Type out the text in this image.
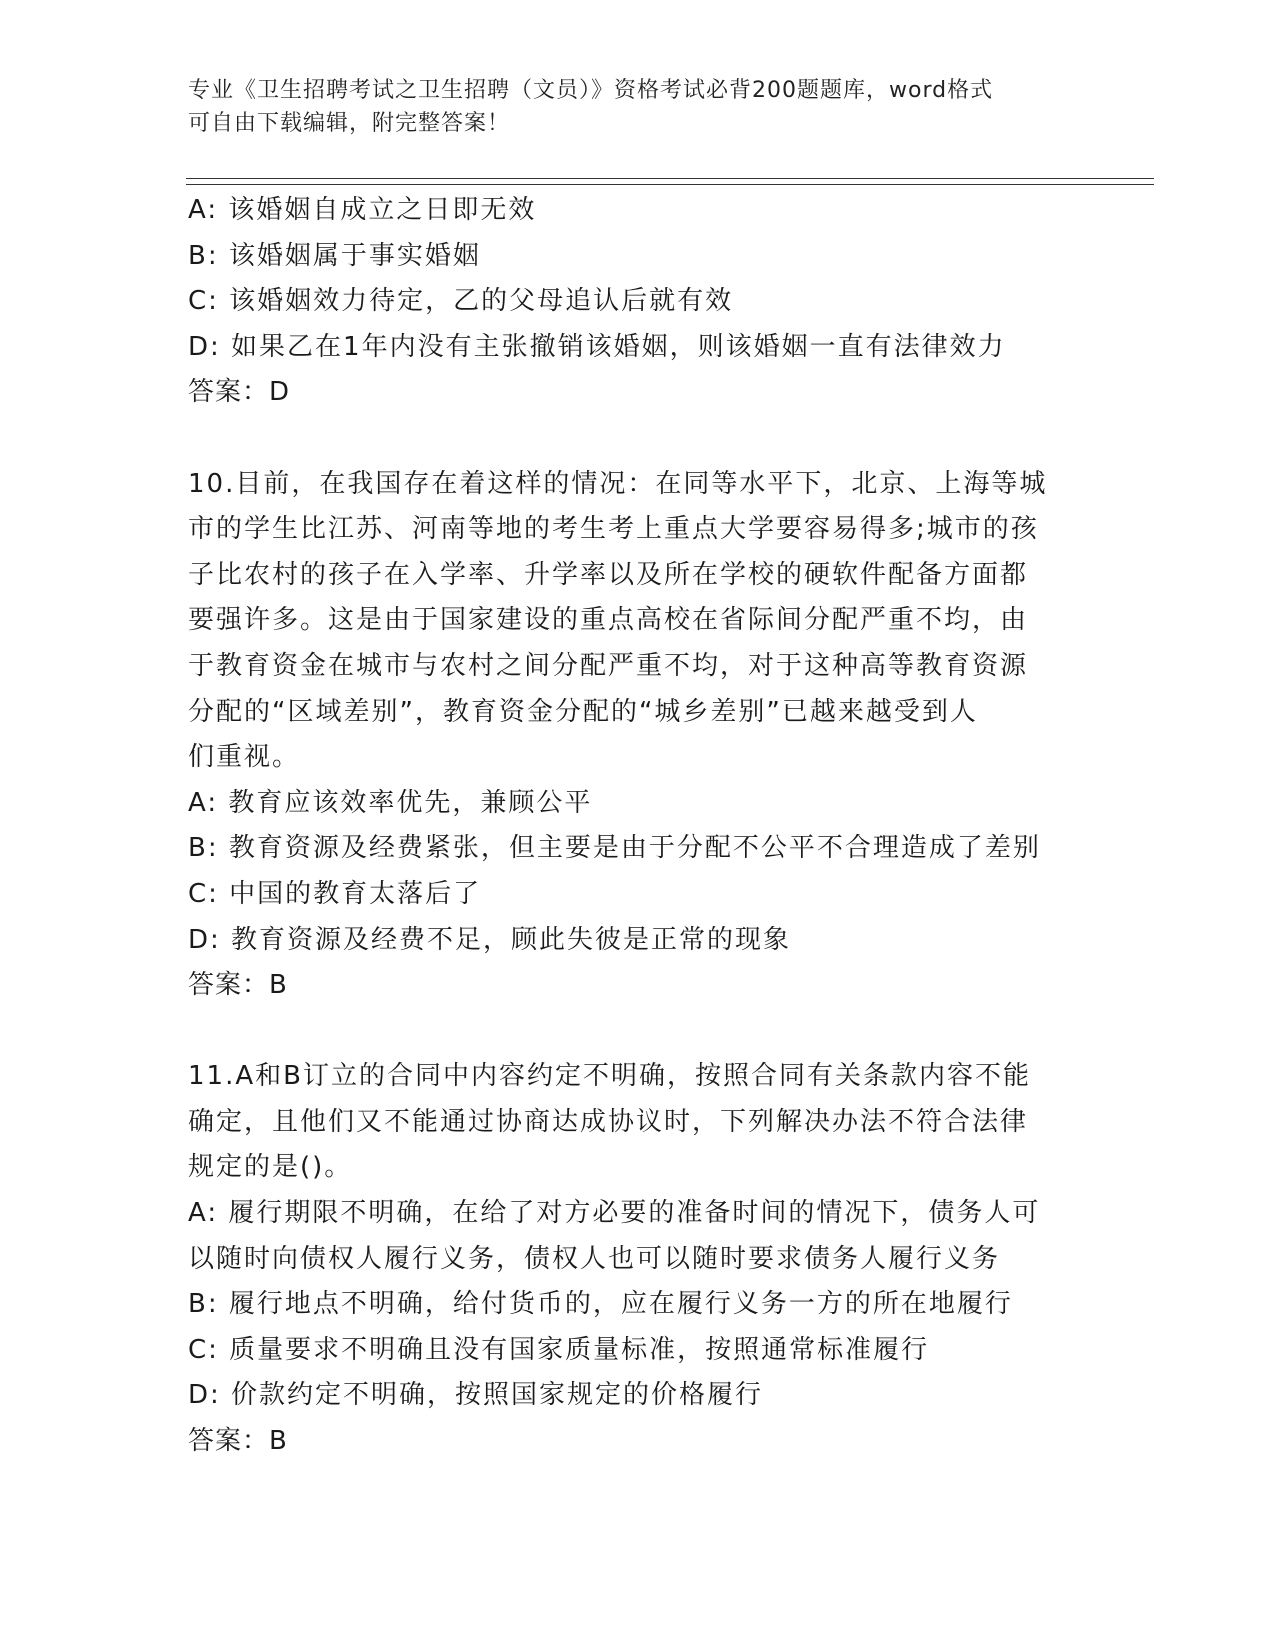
专业《卫生招聘考试之卫生招聘（文员）》资格考试必背200题题库，word格式
可自由下载编辑，附完整答案！
A: 该婚姻自成立之日即无效
B: 该婚姻属于事实婚姻
C: 该婚姻效力待定，乙的父母追认后就有效
D: 如果乙在1年内没有主张撤销该婚姻，则该婚姻一直有法律效力
答案：D
10.目前，在我国存在着这样的情况：在同等水平下，北京、上海等城
市的学生比江苏、河南等地的考生考上重点大学要容易得多;城市的孩
子比农村的孩子在入学率、升学率以及所在学校的硬软件配备方面都
要强许多。这是由于国家建设的重点高校在省际间分配严重不均，由
于教育资金在城市与农村之间分配严重不均，对于这种高等教育资源
分配的“区域差别”，教育资金分配的“城乡差别”已越来越受到人
们重视。
A: 教育应该效率优先，兼顾公平
B: 教育资源及经费紧张，但主要是由于分配不公平不合理造成了差别
C: 中国的教育太落后了
D: 教育资源及经费不足，顾此失彼是正常的现象
答案：B
11.A和B订立的合同中内容约定不明确，按照合同有关条款内容不能
确定，且他们又不能通过协商达成协议时，下列解决办法不符合法律
规定的是()。
A: 履行期限不明确，在给了对方必要的准备时间的情况下，债务人可
以随时向债权人履行义务，债权人也可以随时要求债务人履行义务
B: 履行地点不明确，给付货币的，应在履行义务一方的所在地履行
C: 质量要求不明确且没有国家质量标准，按照通常标准履行
D: 价款约定不明确，按照国家规定的价格履行
答案：B
